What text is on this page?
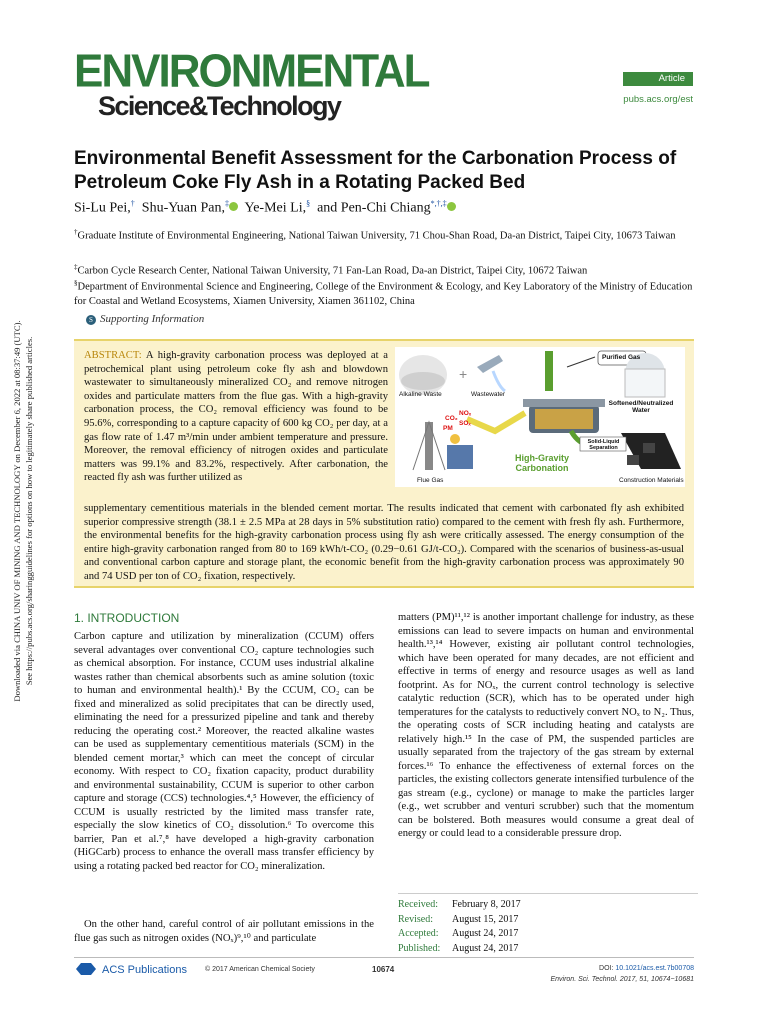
Downloaded via CHINA UNIV OF MINING AND TECHNOLOGY on December 6, 2022 at 08:37:49 (UTC). See https://pubs.acs.org/sharingguidelines for options on how to legitimately share published articles.
ENVIRONMENTAL
Science&Technology
Article
pubs.acs.org/est
Environmental Benefit Assessment for the Carbonation Process of Petroleum Coke Fly Ash in a Rotating Packed Bed
Si-Lu Pei,† Shu-Yuan Pan,‡ Ye-Mei Li,§ and Pen-Chi Chiang*,†,‡
†Graduate Institute of Environmental Engineering, National Taiwan University, 71 Chou-Shan Road, Da-an District, Taipei City, 10673 Taiwan
‡Carbon Cycle Research Center, National Taiwan University, 71 Fan-Lan Road, Da-an District, Taipei City, 10672 Taiwan
§Department of Environmental Science and Engineering, College of the Environment & Ecology, and Key Laboratory of the Ministry of Education for Coastal and Wetland Ecosystems, Xiamen University, Xiamen 361102, China
S Supporting Information
ABSTRACT: A high-gravity carbonation process was deployed at a petrochemical plant using petroleum coke fly ash and blowdown wastewater to simultaneously mineralized CO₂ and remove nitrogen oxides and particulate matters from the flue gas. With a high-gravity carbonation process, the CO₂ removal efficiency was found to be 95.6%, corresponding to a capture capacity of 600 kg CO₂ per day, at a gas flow rate of 1.47 m³/min under ambient temperature and pressure. Moreover, the removal efficiency of nitrogen oxides and particulate matters was 99.1% and 83.2%, respectively. After carbonation, the reacted fly ash was further utilized as
supplementary cementitious materials in the blended cement mortar. The results indicated that cement with carbonated fly ash exhibited superior compressive strength (38.1 ± 2.5 MPa at 28 days in 5% substitution ratio) compared to the cement with fresh fly ash. Furthermore, the environmental benefits for the high-gravity carbonation process using fly ash were critically assessed. The energy consumption of the entire high-gravity carbonation ranged from 80 to 169 kWh/t-CO₂ (0.29−0.61 GJ/t-CO₂). Compared with the scenarios of business-as-usual and conventional carbon capture and storage plant, the economic benefit from the high-gravity carbonation process was approximately 90 and 74 USD per ton of CO₂ fixation, respectively.
+
Alkaline Waste	Wastewater
Purified Gas
Softened/Neutralized Water
CO₂
NOₓ
PM
SOₓ
High-Gravity Carbonation
Solid-Liquid Separation
Flue Gas	Construction Materials
1. INTRODUCTION
Carbon capture and utilization by mineralization (CCUM) offers several advantages over conventional CO₂ capture technologies such as chemical absorption. For instance, CCUM uses industrial alkaline wastes rather than chemical absorbents such as amine solution (toxic to human and environmental health).¹ By the CCUM, CO₂ can be fixed and mineralized as solid precipitates that can be directly used, eliminating the need for a pressurized pipeline and tank and thereby reducing the operating cost.² Moreover, the reacted alkaline wastes can be used as supplementary cementitious materials (SCM) in the blended cement mortar,³ which can meet the concept of circular economy. With respect to CO₂ fixation capacity, product durability and environmental sustainability, CCUM is superior to other carbon capture and storage (CCS) technologies.⁴,⁵ However, the efficiency of CCUM is usually restricted by the limited mass transfer rate, especially the slow kinetics of CO₂ dissolution.⁶ To overcome this barrier, Pan et al.⁷,⁸ have developed a high-gravity carbonation (HiGCarb) process to enhance the overall mass transfer efficiency by using a rotating packed bed reactor for CO₂ mineralization.
On the other hand, careful control of air pollutant emissions in the flue gas such as nitrogen oxides (NOₓ)⁹,¹⁰ and particulate
matters (PM)¹¹,¹² is another important challenge for industry, as these emissions can lead to severe impacts on human and environmental health.¹³,¹⁴ However, existing air pollutant control technologies, which have been operated for many decades, are not efficient and effective in terms of energy and resource usages as well as land footprint. As for NOₓ, the current control technology is selective catalytic reduction (SCR), which has to be operated under high temperatures for the catalysts to reductively convert NOₓ to N₂. Thus, the operating costs of SCR including heating and catalysts are relatively high.¹⁵ In the case of PM, the suspended particles are usually separated from the trajectory of the gas stream by external forces.¹⁶ To enhance the effectiveness of external forces on the particles, the existing collectors generate intensified turbulence of the gas stream (e.g., cyclone) or manage to make the particles larger (e.g., wet scrubber and venturi scrubber) such that the momentum can be bolstered. Both measures would consume a great deal of energy or could lead to a considerable pressure drop.
Received: February 8, 2017
Revised: August 15, 2017
Accepted: August 24, 2017
Published: August 24, 2017
ACS Publications	© 2017 American Chemical Society	10674	DOI: 10.1021/acs.est.7b00708
Environ. Sci. Technol. 2017, 51, 10674−10681
